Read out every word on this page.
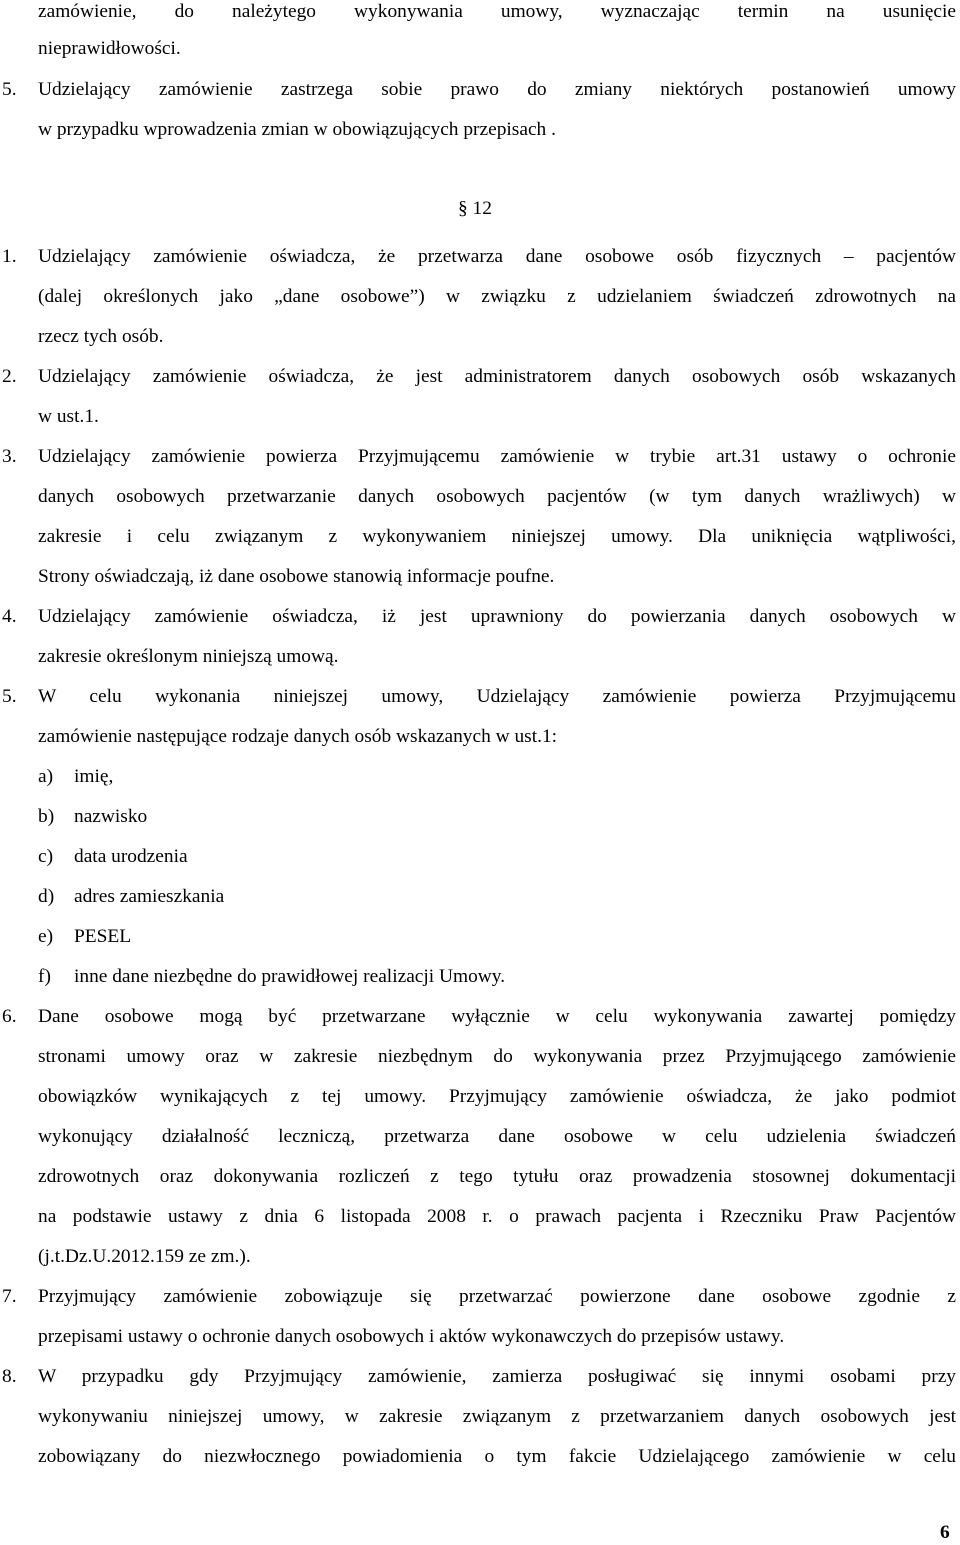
zamówienie, do należytego wykonywania umowy, wyznaczając termin na usunięcie
nieprawidłowości.
5.	Udzielający zamówienie zastrzega sobie prawo do zmiany niektórych postanowień umowy
w przypadku wprowadzenia zmian w obowiązujących przepisach .
§ 12
1.	Udzielający zamówienie oświadcza, że przetwarza dane osobowe osób fizycznych – pacjentów
(dalej określonych jako „dane osobowe”) w związku z udzielaniem świadczeń zdrowotnych na
rzecz tych osób.
2.	Udzielający zamówienie oświadcza, że jest administratorem danych osobowych osób wskazanych
w ust.1.
3.	Udzielający zamówienie powierza Przyjmującemu zamówienie w trybie art.31 ustawy o ochronie
danych osobowych przetwarzanie danych osobowych pacjentów (w tym danych wrażliwych) w
zakresie i celu związanym z wykonywaniem niniejszej umowy. Dla uniknięcia wątpliwości,
Strony oświadczają, iż dane osobowe stanowią informacje poufne.
4.	Udzielający zamówienie oświadcza, iż jest uprawniony do powierzania danych osobowych w
zakresie określonym niniejszą umową.
5.	W celu wykonania niniejszej umowy, Udzielający zamówienie powierza Przyjmującemu
zamówienie następujące rodzaje danych osób wskazanych w ust.1:
a) imię,
b) nazwisko
c) data urodzenia
d) adres zamieszkania
e) PESEL
f) inne dane niezbędne do prawidłowej realizacji Umowy.
6.	Dane osobowe mogą być przetwarzane wyłącznie w celu wykonywania zawartej pomiędzy
stronami umowy oraz w zakresie niezbędnym do wykonywania przez Przyjmującego zamówienie
obowiązków wynikających z tej umowy. Przyjmujący zamówienie oświadcza, że jako podmiot
wykonujący działalność leczniczą, przetwarza dane osobowe w celu udzielenia świadczeń
zdrowotnych oraz dokonywania rozliczeń z tego tytułu oraz prowadzenia stosownej dokumentacji
na podstawie ustawy z dnia 6 listopada 2008 r. o prawach pacjenta i Rzeczniku Praw Pacjentów
(j.t.Dz.U.2012.159 ze zm.).
7.	Przyjmujący zamówienie zobowiązuje się przetwarzać powierzone dane osobowe zgodnie z
przepisami ustawy o ochronie danych osobowych i aktów wykonawczych do przepisów ustawy.
8.	W przypadku gdy Przyjmujący zamówienie, zamierza posługiwać się innymi osobami przy
wykonywaniu niniejszej umowy, w zakresie związanym z przetwarzaniem danych osobowych jest
zobowiązany do niezwłocznego powiadomienia o tym fakcie Udzielającego zamówienie w celu
6
